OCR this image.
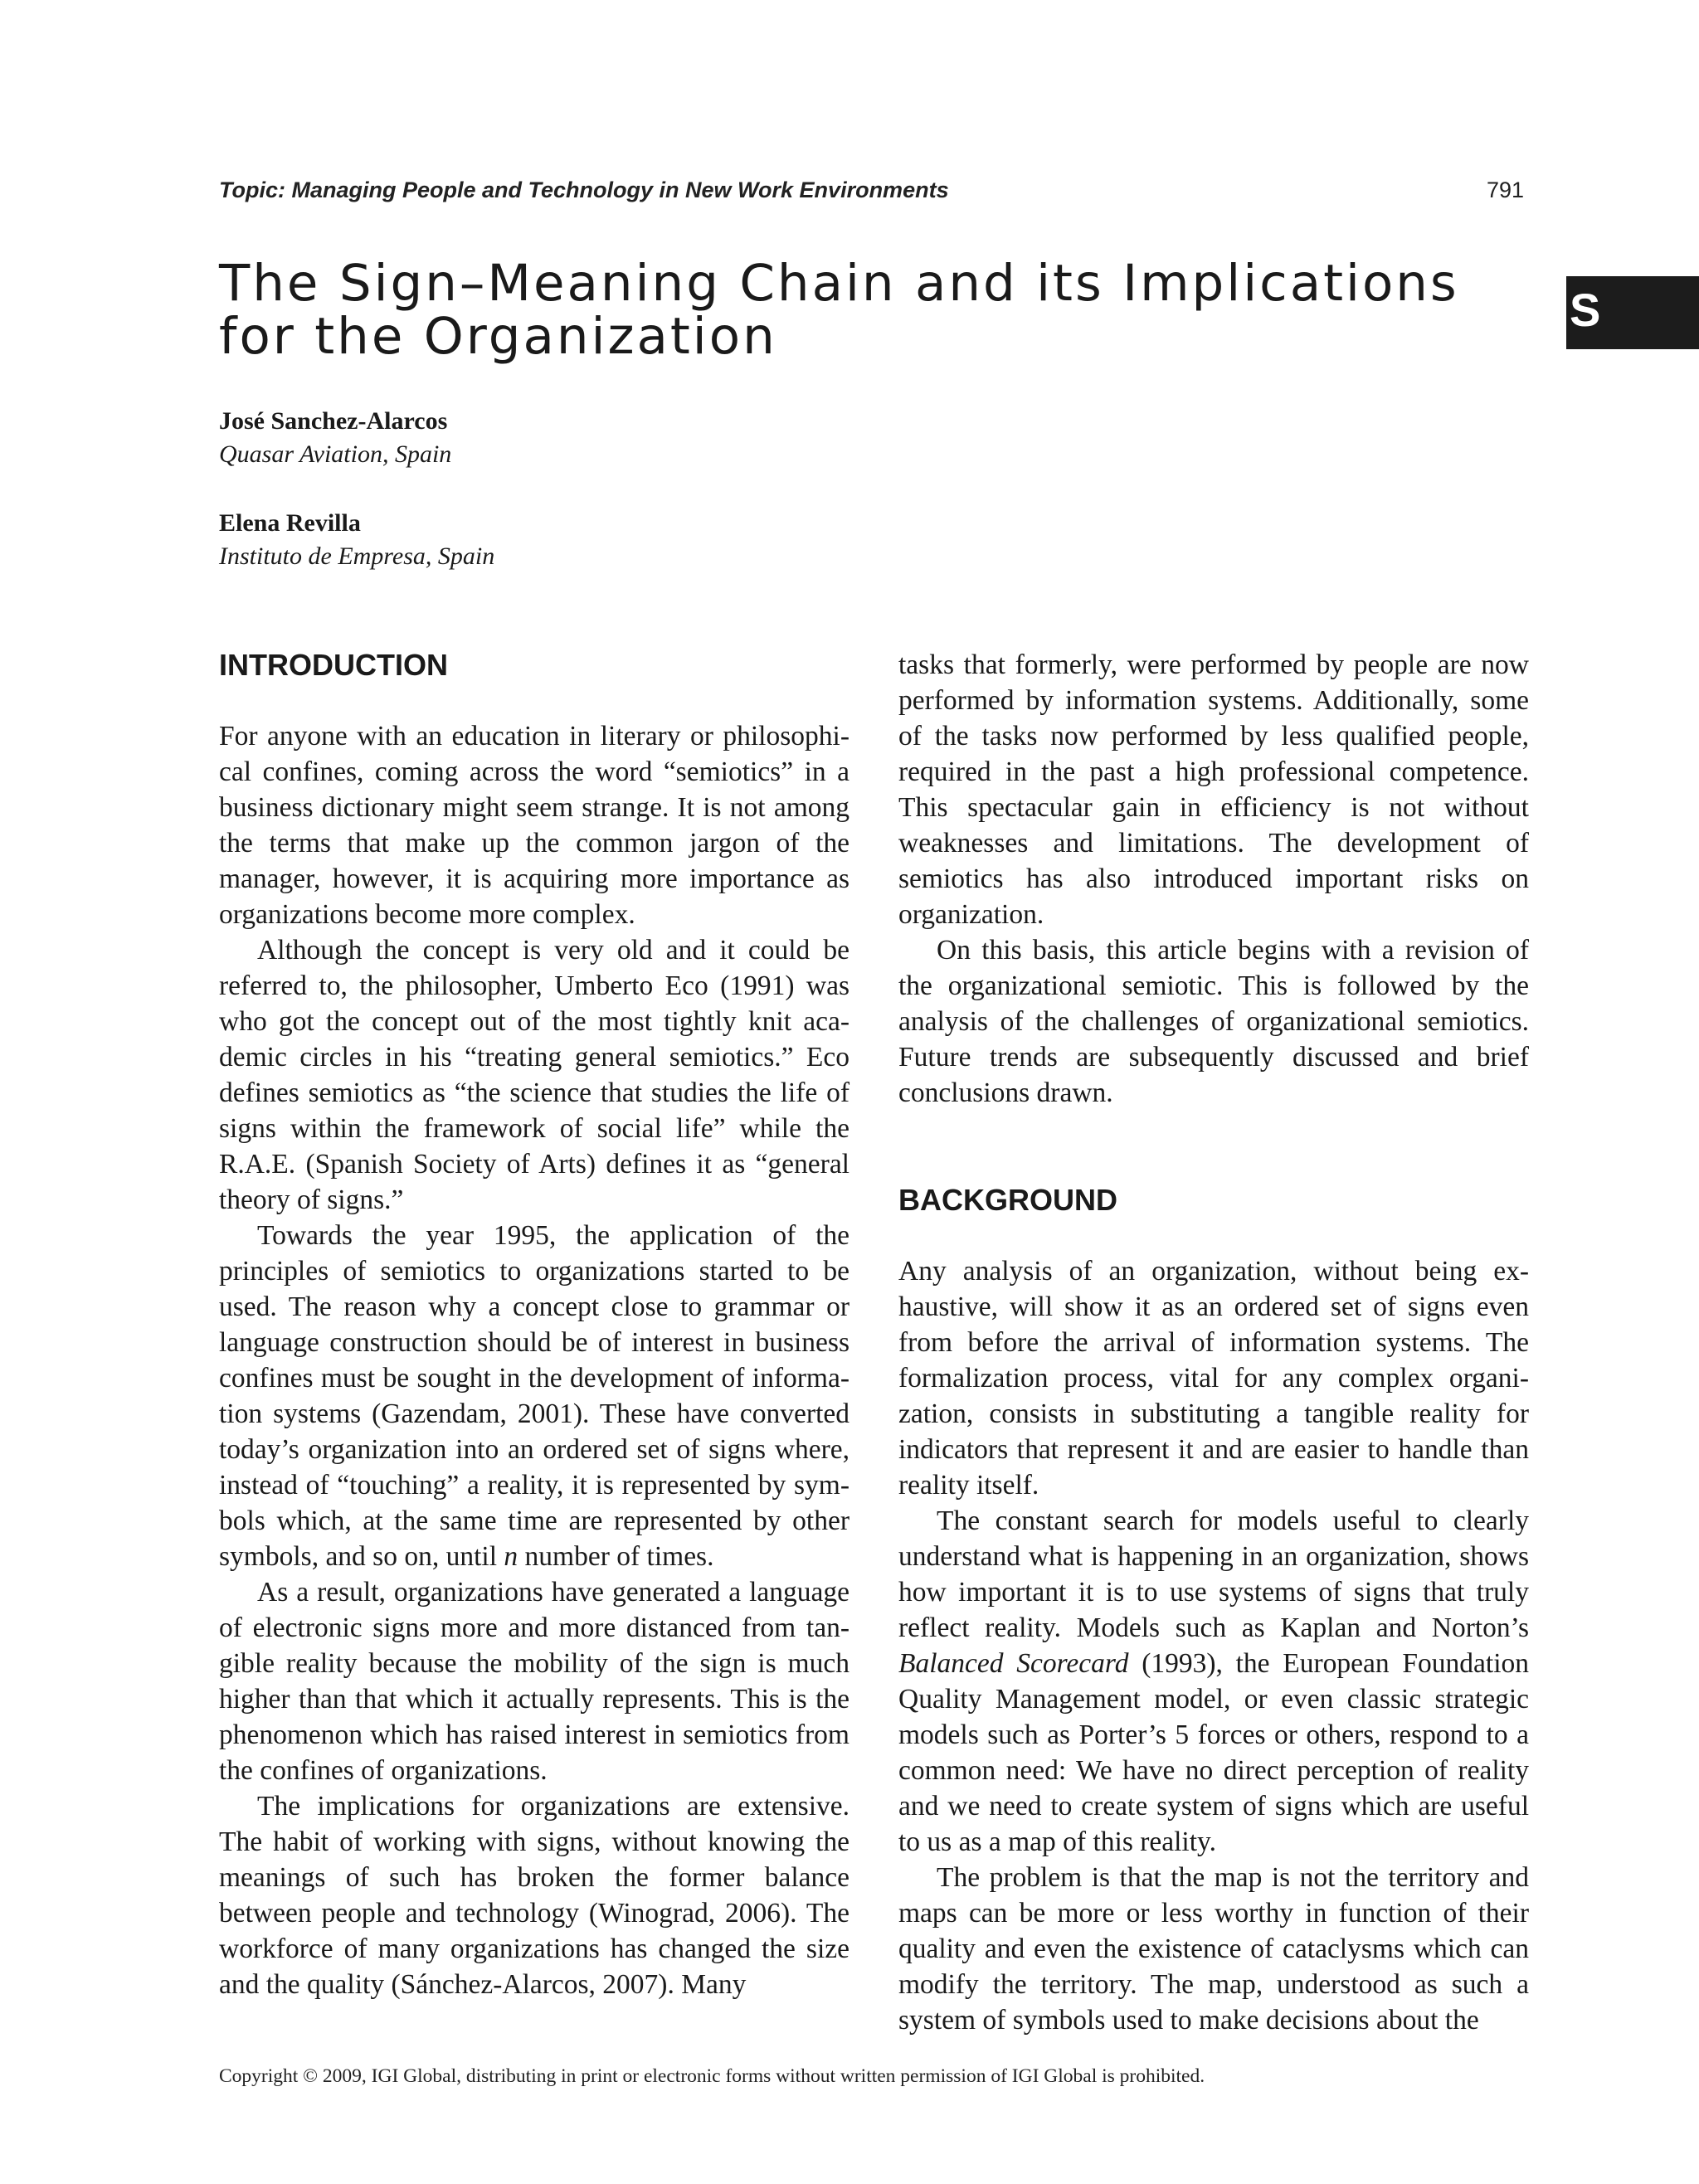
Topic: Managing People and Technology in New Work Environments	791
The Sign–Meaning Chain and its Implications
for the Organization	S
José Sanchez-Alarcos
Quasar Aviation, Spain
Elena Revilla
Instituto de Empresa, Spain
INTRODUCTION

For anyone with an education in literary or philosophical confines, coming across the word “semiotics” in a business dictionary might seem strange. It is not among the terms that make up the common jargon of the manager, however, it is acquiring more importance as organizations become more complex.

Although the concept is very old and it could be referred to, the philosopher, Umberto Eco (1991) was who got the concept out of the most tightly knit academic circles in his “treating general semiotics.” Eco defines semiotics as “the science that studies the life of signs within the framework of social life” while the R.A.E. (Spanish Society of Arts) defines it as “general theory of signs.”

Towards the year 1995, the application of the principles of semiotics to organizations started to be used. The reason why a concept close to grammar or language construction should be of interest in business confines must be sought in the development of information systems (Gazendam, 2001). These have converted today’s organization into an ordered set of signs where, instead of “touching” a reality, it is represented by symbols which, at the same time are represented by other symbols, and so on, until n number of times.

As a result, organizations have generated a language of electronic signs more and more distanced from tangible reality because the mobility of the sign is much higher than that which it actually represents. This is the phenomenon which has raised interest in semiotics from the confines of organizations.

The implications for organizations are extensive. The habit of working with signs, without knowing the meanings of such has broken the former balance between people and technology (Winograd, 2006). The workforce of many organizations has changed the size and the quality (Sánchez-Alarcos, 2007). Many

tasks that formerly, were performed by people are now performed by information systems. Additionally, some of the tasks now performed by less qualified people, required in the past a high professional competence. This spectacular gain in efficiency is not without weaknesses and limitations. The development of semiotics has also introduced important risks on organization.

On this basis, this article begins with a revision of the organizational semiotic. This is followed by the analysis of the challenges of organizational semiotics. Future trends are subsequently discussed and brief conclusions drawn.

BACKGROUND

Any analysis of an organization, without being exhaustive, will show it as an ordered set of signs even from before the arrival of information systems. The formalization process, vital for any complex organization, consists in substituting a tangible reality for indicators that represent it and are easier to handle than reality itself.

The constant search for models useful to clearly understand what is happening in an organization, shows how important it is to use systems of signs that truly reflect reality. Models such as Kaplan and Norton’s Balanced Scorecard (1993), the European Foundation Quality Management model, or even classic strategic models such as Porter’s 5 forces or others, respond to a common need: We have no direct perception of reality and we need to create system of signs which are useful to us as a map of this reality.

The problem is that the map is not the territory and maps can be more or less worthy in function of their quality and even the existence of cataclysms which can modify the territory. The map, understood as such a system of symbols used to make decisions about the

Copyright © 2009, IGI Global, distributing in print or electronic forms without written permission of IGI Global is prohibited.
